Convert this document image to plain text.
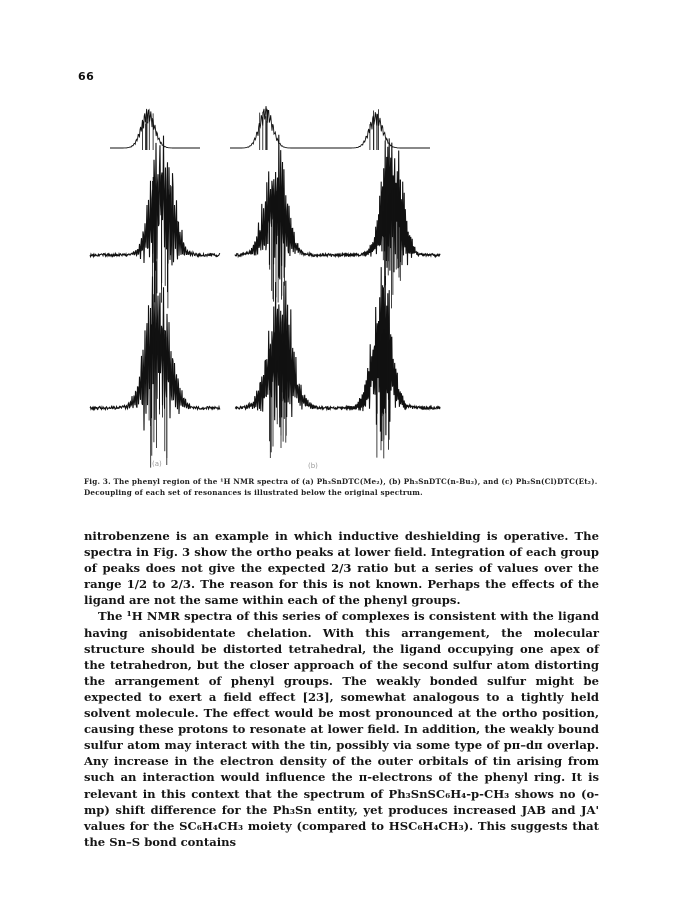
66
(a)	(b)
Fig. 3. The phenyl region of the ¹H NMR spectra of (a) Ph₃SnDTC(Me₂), (b) Ph₃SnDTC(n-Bu₂), and (c) Ph₂Sn(Cl)DTC(Et₂). Decoupling of each set of resonances is illustrated below the original spectrum.

nitrobenzene is an example in which inductive deshielding is operative. The spectra in Fig. 3 show the ortho peaks at lower field. Integration of each group of peaks does not give the expected 2/3 ratio but a series of values over the range 1/2 to 2/3. The reason for this is not known. Perhaps the effects of the ligand are not the same within each of the phenyl groups.

The ¹H NMR spectra of this series of complexes is consistent with the ligand having anisobidentate chelation. With this arrangement, the molecular structure should be distorted tetrahedral, the ligand occupying one apex of the tetrahedron, but the closer approach of the second sulfur atom distorting the arrangement of phenyl groups. The weakly bonded sulfur might be expected to exert a field effect [23], somewhat analogous to a tightly held solvent molecule. The effect would be most pronounced at the ortho position, causing these protons to resonate at lower field. In addition, the weakly bound sulfur atom may interact with the tin, possibly via some type of pπ–dπ overlap. Any increase in the electron density of the outer orbitals of tin arising from such an interaction would influence the π-electrons of the phenyl ring. It is relevant in this context that the spectrum of Ph₃SnSC₆H₄-p-CH₃ shows no (o-mp) shift difference for the Ph₃Sn entity, yet produces increased JAB and JA' values for the SC₆H₄CH₃ moiety (compared to HSC₆H₄CH₃). This suggests that the Sn–S bond contains
